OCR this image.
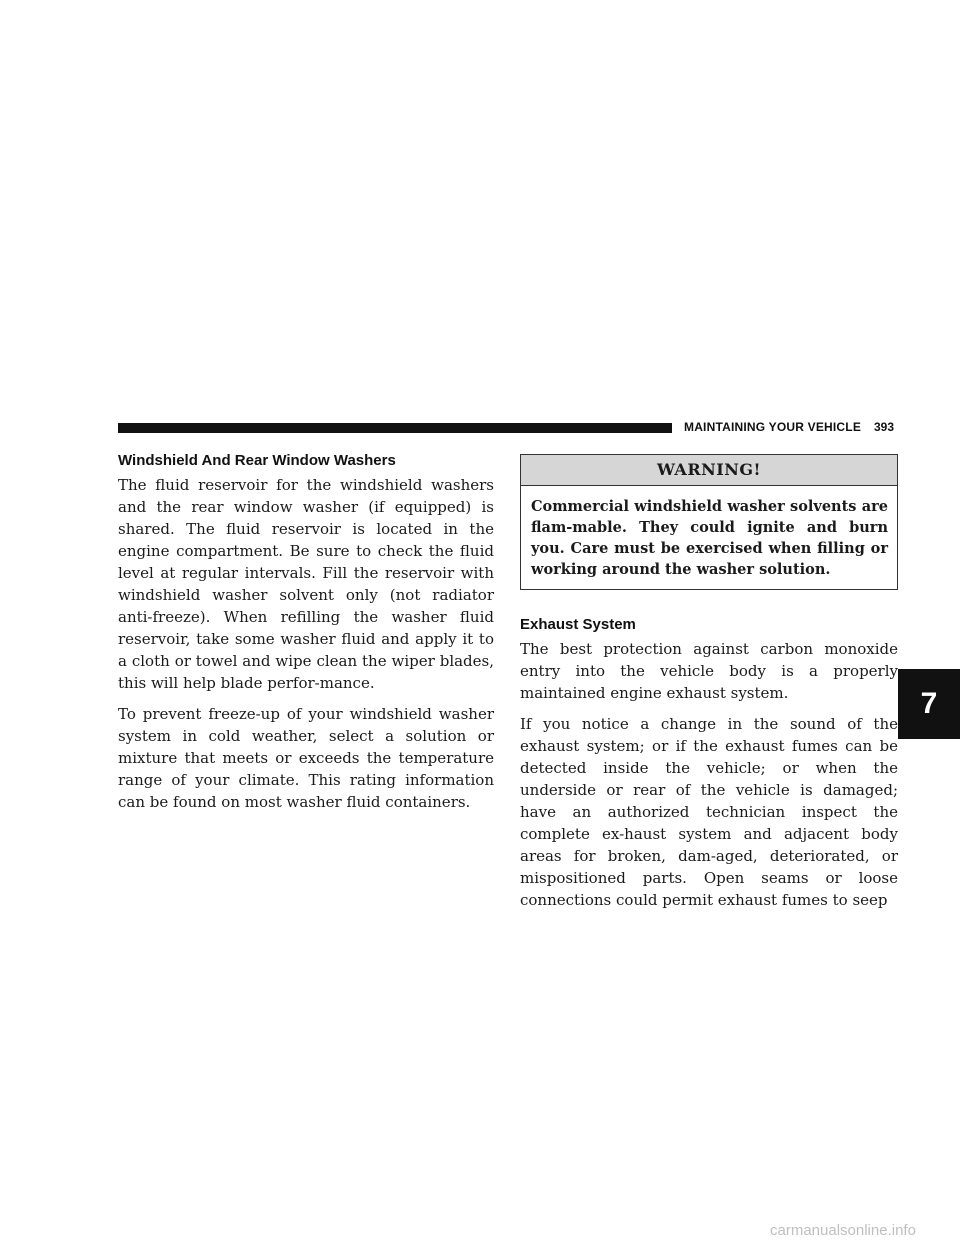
MAINTAINING YOUR VEHICLE 393
Windshield And Rear Window Washers

The fluid reservoir for the windshield washers and the rear window washer (if equipped) is shared. The fluid reservoir is located in the engine compartment. Be sure to check the fluid level at regular intervals. Fill the reservoir with windshield washer solvent only (not radiator anti-freeze). When refilling the washer fluid reservoir, take some washer fluid and apply it to a cloth or towel and wipe clean the wiper blades, this will help blade perfor-mance.

To prevent freeze-up of your windshield washer system in cold weather, select a solution or mixture that meets or exceeds the temperature range of your climate. This rating information can be found on most washer fluid containers.

WARNING!
Commercial windshield washer solvents are flam-mable. They could ignite and burn you. Care must be exercised when filling or working around the washer solution.
Exhaust System

The best protection against carbon monoxide entry into the vehicle body is a properly maintained engine exhaust system.

If you notice a change in the sound of the exhaust system; or if the exhaust fumes can be detected inside the vehicle; or when the underside or rear of the vehicle is damaged; have an authorized technician inspect the complete ex-haust system and adjacent body areas for broken, dam-aged, deteriorated, or mispositioned parts. Open seams or loose connections could permit exhaust fumes to seep

7
carmanualsonline.info
